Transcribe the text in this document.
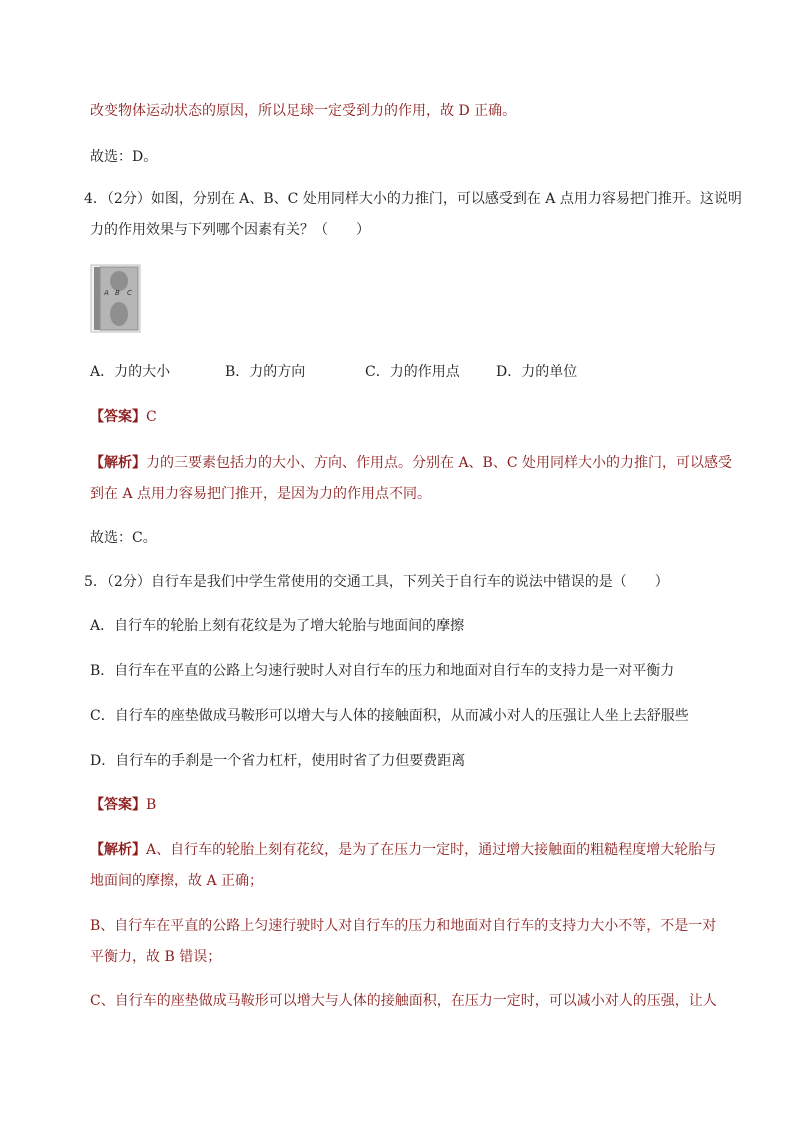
改变物体运动状态的原因，所以足球一定受到力的作用，故 D 正确。
故选：D。
4．（2分）如图，分别在 A、B、C 处用同样大小的力推门，可以感受到在 A 点用力容易把门推开。这说明
力的作用效果与下列哪个因素有关？（　　）
A B C
A．力的大小	B．力的方向	C．力的作用点	D．力的单位
【答案】C
【解析】力的三要素包括力的大小、方向、作用点。分别在 A、B、C 处用同样大小的力推门，可以感受
到在 A 点用力容易把门推开，是因为力的作用点不同。
故选：C。
5．（2分）自行车是我们中学生常使用的交通工具，下列关于自行车的说法中错误的是（　　）
A．自行车的轮胎上刻有花纹是为了增大轮胎与地面间的摩擦
B．自行车在平直的公路上匀速行驶时人对自行车的压力和地面对自行车的支持力是一对平衡力
C．自行车的座垫做成马鞍形可以增大与人体的接触面积，从而减小对人的压强让人坐上去舒服些
D．自行车的手刹是一个省力杠杆，使用时省了力但要费距离
【答案】B
【解析】A、自行车的轮胎上刻有花纹，是为了在压力一定时，通过增大接触面的粗糙程度增大轮胎与
地面间的摩擦，故 A 正确；
B、自行车在平直的公路上匀速行驶时人对自行车的压力和地面对自行车的支持力大小不等，不是一对
平衡力，故 B 错误；
C、自行车的座垫做成马鞍形可以增大与人体的接触面积，在压力一定时，可以减小对人的压强，让人
